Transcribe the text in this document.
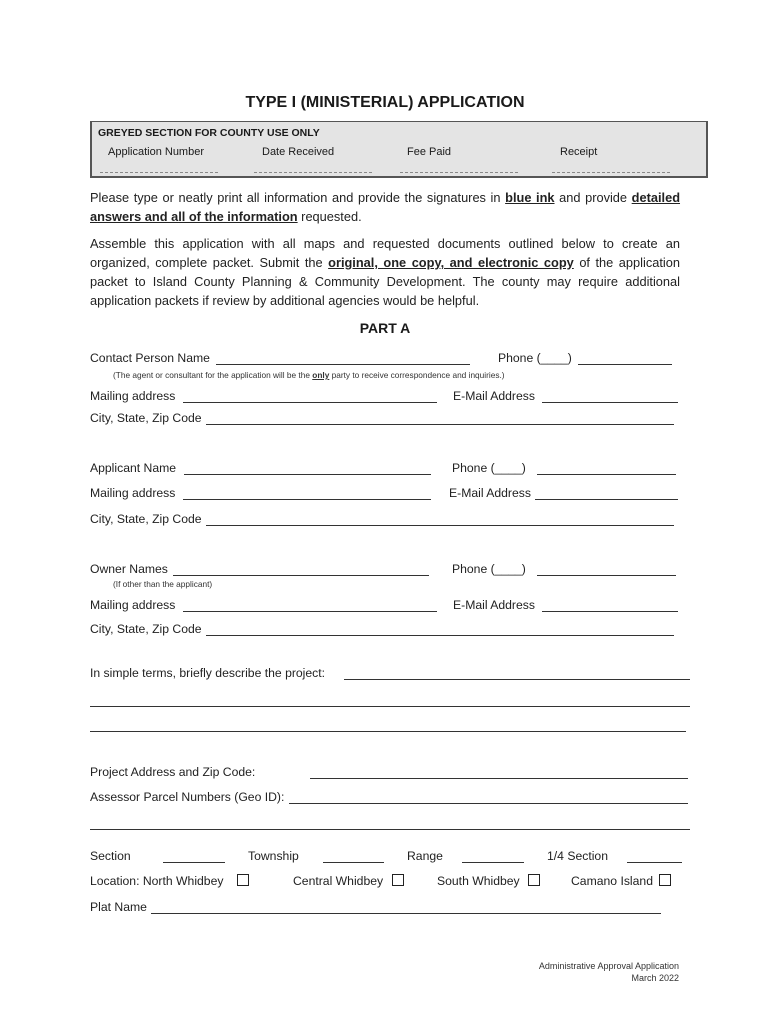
TYPE I (MINISTERIAL) APPLICATION
GREYED SECTION FOR COUNTY USE ONLY
Application Number	Date Received	Fee Paid	Receipt
Please type or neatly print all information and provide the signatures in blue ink and provide detailed answers and all of the information requested.
Assemble this application with all maps and requested documents outlined below to create an organized, complete packet. Submit the original, one copy, and electronic copy of the application packet to Island County Planning & Community Development. The county may require additional application packets if review by additional agencies would be helpful.
PART A
Contact Person Name	Phone (____)
(The agent or consultant for the application will be the only party to receive correspondence and inquiries.)
Mailing address	E-Mail Address
City, State, Zip Code
Applicant Name	Phone (____)
Mailing address	E-Mail Address
City, State, Zip Code
Owner Names	Phone (____)
(If other than the applicant)
Mailing address	E-Mail Address
City, State, Zip Code
In simple terms, briefly describe the project:
Project Address and Zip Code:
Assessor Parcel Numbers (Geo ID):
Section	Township	Range	1/4 Section
Location: North Whidbey	Central Whidbey	South Whidbey	Camano Island
Plat Name
Administrative Approval Application
March 2022
